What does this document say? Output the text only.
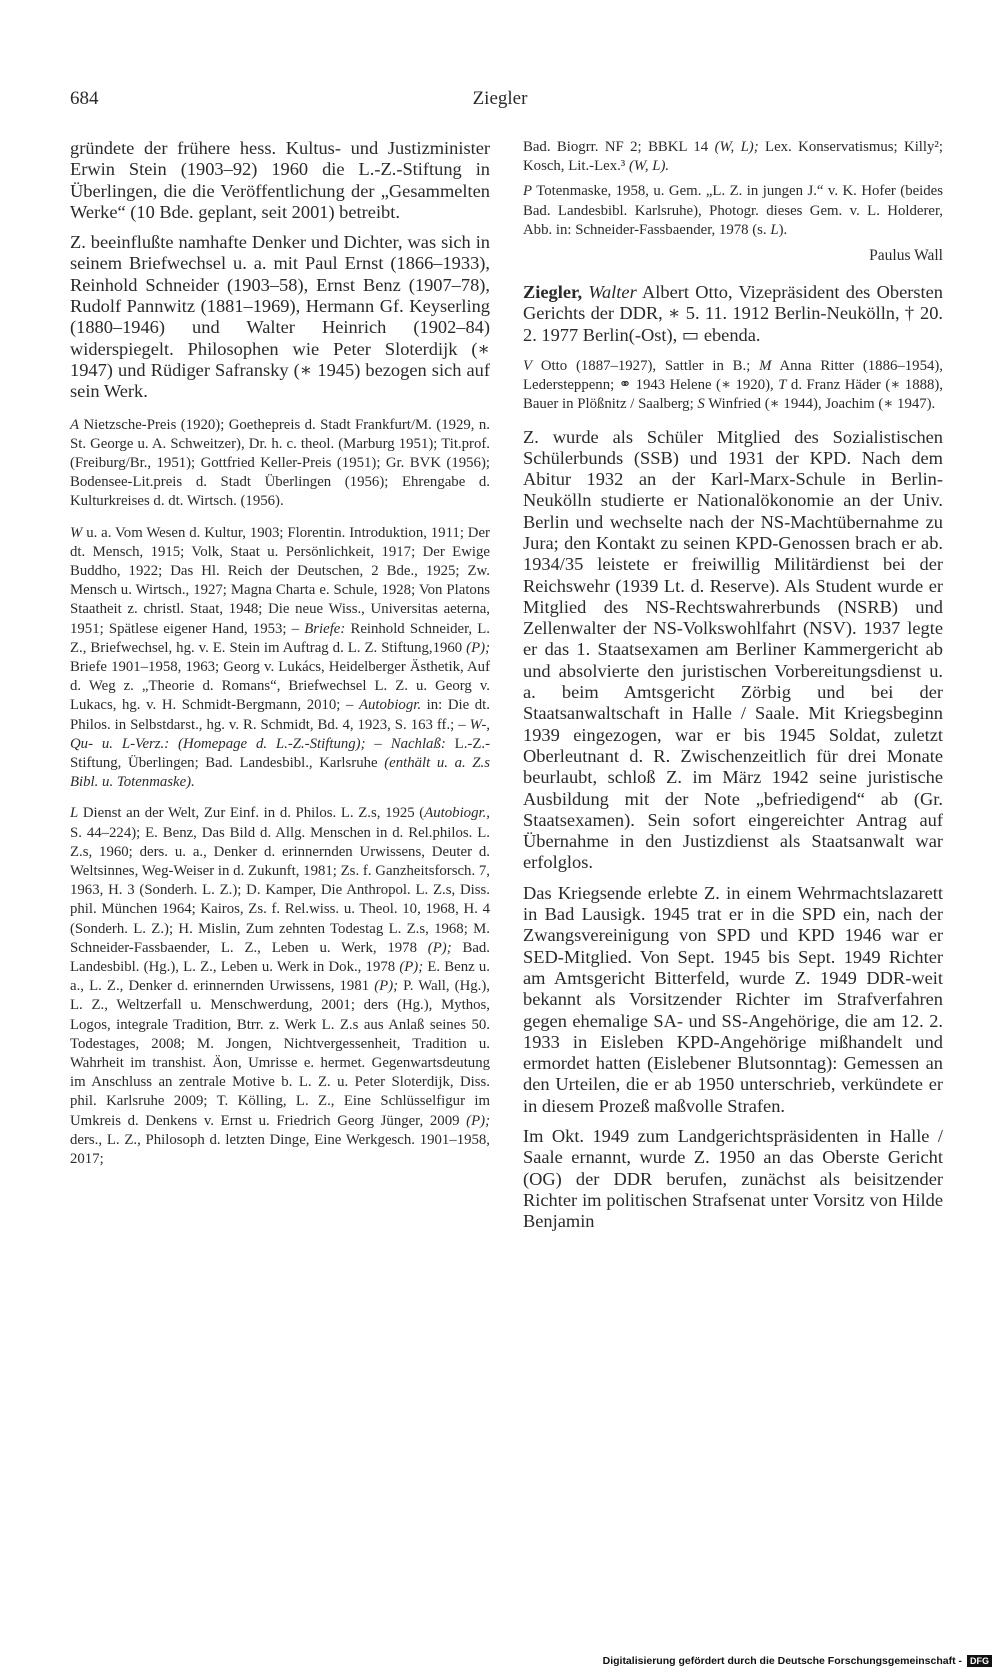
684	Ziegler

gründete der frühere hess. Kultus- und Justizminister Erwin Stein (1903–92) 1960 die L.-Z.-Stiftung in Überlingen, die die Veröffentlichung der „Gesammelten Werke“ (10 Bde. geplant, seit 2001) betreibt.

Z. beeinflußte namhafte Denker und Dichter, was sich in seinem Briefwechsel u. a. mit Paul Ernst (1866–1933), Reinhold Schneider (1903–58), Ernst Benz (1907–78), Rudolf Pannwitz (1881–1969), Hermann Gf. Keyserling (1880–1946) und Walter Heinrich (1902–84) widerspiegelt. Philosophen wie Peter Sloterdijk (∗ 1947) und Rüdiger Safransky (∗ 1945) bezogen sich auf sein Werk.

A Nietzsche-Preis (1920); Goethepreis d. Stadt Frankfurt/M. (1929, n. St. George u. A. Schweitzer), Dr. h. c. theol. (Marburg 1951); Tit.prof. (Freiburg/Br., 1951); Gottfried Keller-Preis (1951); Gr. BVK (1956); Bodensee-Lit.preis d. Stadt Überlingen (1956); Ehrengabe d. Kulturkreises d. dt. Wirtsch. (1956).

W u. a. Vom Wesen d. Kultur, 1903; Florentin. Introduktion, 1911; Der dt. Mensch, 1915; Volk, Staat u. Persönlichkeit, 1917; Der Ewige Buddho, 1922; Das Hl. Reich der Deutschen, 2 Bde., 1925; Zw. Mensch u. Wirtsch., 1927; Magna Charta e. Schule, 1928; Von Platons Staatheit z. christl. Staat, 1948; Die neue Wiss., Universitas aeterna, 1951; Spätlese eigener Hand, 1953; – Briefe: Reinhold Schneider, L. Z., Briefwechsel, hg. v. E. Stein im Auftrag d. L. Z. Stiftung,1960 (P); Briefe 1901–1958, 1963; Georg v. Lukács, Heidelberger Ästhetik, Auf d. Weg z. „Theorie d. Romans“, Briefwechsel L. Z. u. Georg v. Lukacs, hg. v. H. Schmidt-Bergmann, 2010; – Autobiogr. in: Die dt. Philos. in Selbstdarst., hg. v. R. Schmidt, Bd. 4, 1923, S. 163 ff.; – W-, Qu- u. L-Verz.: (Homepage d. L.-Z.-Stiftung); – Nachlaß: L.-Z.-Stiftung, Überlingen; Bad. Landesbibl., Karlsruhe (enthält u. a. Z.s Bibl. u. Totenmaske).

L Dienst an der Welt, Zur Einf. in d. Philos. L. Z.s, 1925 (Autobiogr., S. 44–224); E. Benz, Das Bild d. Allg. Menschen in d. Rel.philos. L. Z.s, 1960; ders. u. a., Denker d. erinnernden Urwissens, Deuter d. Weltsinnes, Weg-Weiser in d. Zukunft, 1981; Zs. f. Ganzheitsforsch. 7, 1963, H. 3 (Sonderh. L. Z.); D. Kamper, Die Anthropol. L. Z.s, Diss. phil. München 1964; Kairos, Zs. f. Rel.wiss. u. Theol. 10, 1968, H. 4 (Sonderh. L. Z.); H. Mislin, Zum zehnten Todestag L. Z.s, 1968; M. Schneider-Fassbaender, L. Z., Leben u. Werk, 1978 (P); Bad. Landesbibl. (Hg.), L. Z., Leben u. Werk in Dok., 1978 (P); E. Benz u. a., L. Z., Denker d. erinnernden Urwissens, 1981 (P); P. Wall, (Hg.), L. Z., Weltzerfall u. Menschwerdung, 2001; ders (Hg.), Mythos, Logos, integrale Tradition, Btrr. z. Werk L. Z.s aus Anlaß seines 50. Todestages, 2008; M. Jongen, Nichtvergessenheit, Tradition u. Wahrheit im transhist. Äon, Umrisse e. hermet. Gegenwartsdeutung im Anschluss an zentrale Motive b. L. Z. u. Peter Sloterdijk, Diss. phil. Karlsruhe 2009; T. Kölling, L. Z., Eine Schlüsselfigur im Umkreis d. Denkens v. Ernst u. Friedrich Georg Jünger, 2009 (P); ders., L. Z., Philosoph d. letzten Dinge, Eine Werkgesch. 1901–1958, 2017;

Bad. Biogrr. NF 2; BBKL 14 (W, L); Lex. Konservatismus; Killy²; Kosch, Lit.-Lex.³ (W, L).

P Totenmaske, 1958, u. Gem. „L. Z. in jungen J.“ v. K. Hofer (beides Bad. Landesbibl. Karlsruhe), Photogr. dieses Gem. v. L. Holderer, Abb. in: Schneider-Fassbaender, 1978 (s. L).

Paulus Wall

Ziegler, Walter Albert Otto, Vizepräsident des Obersten Gerichts der DDR, ∗ 5. 11. 1912 Berlin-Neukölln, † 20. 2. 1977 Berlin(-Ost), ▭ ebenda.

V Otto (1887–1927), Sattler in B.; M Anna Ritter (1886–1954), Ledersteppenn; ⚭ 1943 Helene (∗ 1920), T d. Franz Häder (∗ 1888), Bauer in Plößnitz / Saalberg; S Winfried (∗ 1944), Joachim (∗ 1947).

Z. wurde als Schüler Mitglied des Sozialistischen Schülerbunds (SSB) und 1931 der KPD. Nach dem Abitur 1932 an der Karl-Marx-Schule in Berlin-Neukölln studierte er Nationalökonomie an der Univ. Berlin und wechselte nach der NS-Machtübernahme zu Jura; den Kontakt zu seinen KPD-Genossen brach er ab. 1934/35 leistete er freiwillig Militärdienst bei der Reichswehr (1939 Lt. d. Reserve). Als Student wurde er Mitglied des NS-Rechtswahrerbunds (NSRB) und Zellenwalter der NS-Volkswohlfahrt (NSV). 1937 legte er das 1. Staatsexamen am Berliner Kammergericht ab und absolvierte den juristischen Vorbereitungsdienst u. a. beim Amtsgericht Zörbig und bei der Staatsanwaltschaft in Halle / Saale. Mit Kriegsbeginn 1939 eingezogen, war er bis 1945 Soldat, zuletzt Oberleutnant d. R. Zwischenzeitlich für drei Monate beurlaubt, schloß Z. im März 1942 seine juristische Ausbildung mit der Note „befriedigend“ ab (Gr. Staatsexamen). Sein sofort eingereichter Antrag auf Übernahme in den Justizdienst als Staatsanwalt war erfolglos.

Das Kriegsende erlebte Z. in einem Wehrmachtslazarett in Bad Lausigk. 1945 trat er in die SPD ein, nach der Zwangsvereinigung von SPD und KPD 1946 war er SED-Mitglied. Von Sept. 1945 bis Sept. 1949 Richter am Amtsgericht Bitterfeld, wurde Z. 1949 DDR-weit bekannt als Vorsitzender Richter im Strafverfahren gegen ehemalige SA- und SS-Angehörige, die am 12. 2. 1933 in Eisleben KPD-Angehörige mißhandelt und ermordet hatten (Eislebener Blutsonntag): Gemessen an den Urteilen, die er ab 1950 unterschrieb, verkündete er in diesem Prozeß maßvolle Strafen.

Im Okt. 1949 zum Landgerichtspräsidenten in Halle / Saale ernannt, wurde Z. 1950 an das Oberste Gericht (OG) der DDR berufen, zunächst als beisitzender Richter im politischen Strafsenat unter Vorsitz von Hilde Benjamin

Digitalisierung gefördert durch die Deutsche Forschungsgemeinschaft - DFG
